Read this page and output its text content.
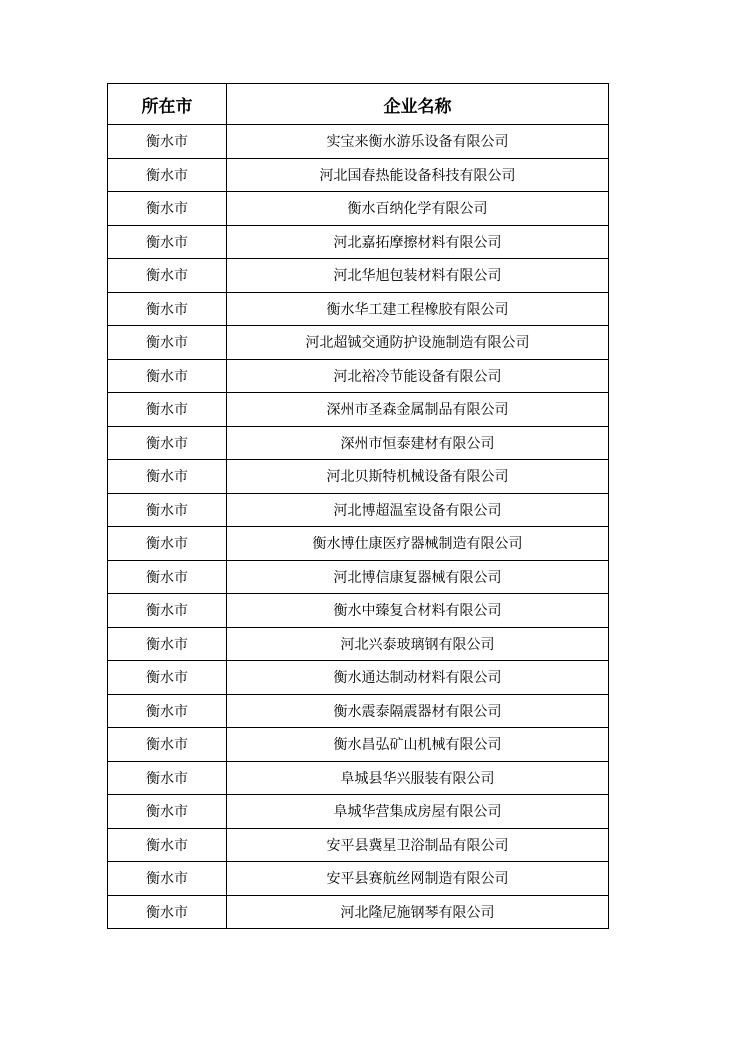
所在市	企业名称
衡水市	实宝来衡水游乐设备有限公司
衡水市	河北国春热能设备科技有限公司
衡水市	衡水百纳化学有限公司
衡水市	河北嘉拓摩擦材料有限公司
衡水市	河北华旭包装材料有限公司
衡水市	衡水华工建工程橡胶有限公司
衡水市	河北超铖交通防护设施制造有限公司
衡水市	河北裕冷节能设备有限公司
衡水市	深州市圣森金属制品有限公司
衡水市	深州市恒泰建材有限公司
衡水市	河北贝斯特机械设备有限公司
衡水市	河北博超温室设备有限公司
衡水市	衡水博仕康医疗器械制造有限公司
衡水市	河北博信康复器械有限公司
衡水市	衡水中臻复合材料有限公司
衡水市	河北兴泰玻璃钢有限公司
衡水市	衡水通达制动材料有限公司
衡水市	衡水震泰隔震器材有限公司
衡水市	衡水昌弘矿山机械有限公司
衡水市	阜城县华兴服装有限公司
衡水市	阜城华营集成房屋有限公司
衡水市	安平县冀星卫浴制品有限公司
衡水市	安平县赛航丝网制造有限公司
衡水市	河北隆尼施钢琴有限公司
